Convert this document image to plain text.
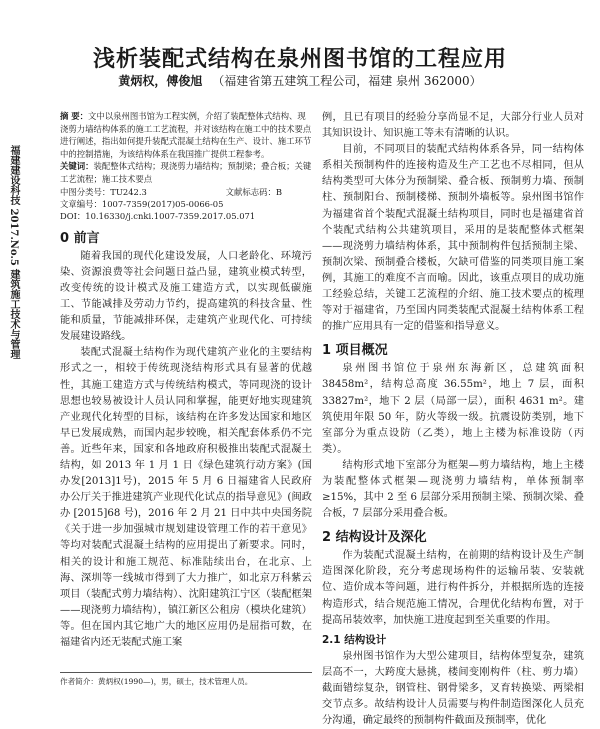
浅析装配式结构在泉州图书馆的工程应用
黄炳权，傅俊旭 （福建省第五建筑工程公司，福建 泉州 362000）
福建建设科技 2017.No.5 建筑施工技术与管理

摘 要：文中以泉州图书馆为工程实例，介绍了装配整体式结构、现浇剪力墙结构体系的施工工艺流程，并对该结构在施工中的技术要点进行阐述，指出如何提升装配式混凝土结构在生产、设计、施工环节中的控制措施，为该结构体系在我国推广提供工程参考。

关键词：装配整体式结构；现浇剪力墙结构；预制梁；叠合板；关键工艺流程；施工技术要点

中图分类号：TU242.3	文献标志码：B
文章编号：1007-7359(2017)05-0066-05
DOI：10.16330/j.cnki.1007-7359.2017.05.071
0 前言

随着我国的现代化建设发展，人口老龄化、环境污染、资源浪费等社会问题日益凸显，建筑业模式转型，改变传统的设计模式及施工建造方式，以实现低碳施工、节能减排及劳动力节约，提高建筑的科技含量、性能和质量，节能减排环保，走建筑产业现代化、可持续发展建设路线。

装配式混凝土结构作为现代建筑产业化的主要结构形式之一，相较于传统现浇结构形式具有显著的优越性，其施工建造方式与传统结构模式，等同现浇的设计思想也较易被设计人员认同和掌握，能更好地实现建筑产业现代化转型的目标，该结构在许多发达国家和地区早已发展成熟，而国内起步较晚，相关配套体系仍不完善。近些年来，国家和各地政府积极推出装配式混凝土结构，如 2013 年 1 月 1 日《绿色建筑行动方案》(国办发[2013]1号)，2015 年 5 月 6 日福建省人民政府办公厅关于推进建筑产业现代化试点的指导意见》(闽政办 [2015]68 号)，2016 年 2 月 21 日中共中央国务院《关于进一步加强城市规划建设管理工作的若干意见》等均对装配式混凝土结构的应用提出了新要求。同时，相关的设计和施工规范、标准陆续出台，在北京、上海、深圳等一线城市得到了大力推广，如北京万科紫云项目（装配式剪力墙结构）、沈阳建筑江宁区（装配框架——现浇剪力墙结构），镇江新区公租房（模块化建筑）等。但在国内其它地广大的地区应用仍是屈指可数，在福建省内还无装配式施工案

例，且已有项目的经验分享尚显不足，大部分行业人员对其知识设计、知识施工等未有清晰的认识。

目前，不同项目的装配式结构体系各异，同一结构体系相关预制构件的连接构造及生产工艺也不尽相同，但从结构类型可大体分为预制梁、叠合板、预制剪力墙、预制柱、预制阳台、预制楼梯、预制外墙板等。泉州图书馆作为福建省首个装配式混凝土结构项目，同时也是福建省首个装配式结构公共建筑项目，采用的是装配整体式框架——现浇剪力墙结构体系，其中预制构件包括预制主梁、预制次梁、预制叠合楼板，欠缺可借鉴的同类项目施工案例，其施工的难度不言而喻。因此，该重点项目的成功施工经验总结，关键工艺流程的介绍、施工技术要点的梳理等对于福建省，乃至国内同类装配式混凝土结构体系工程的推广应用具有一定的借鉴和指导意义。

1 项目概况

泉州图书馆位于泉州东海新区，总建筑面积 38458m²，结构总高度 36.55m²，地上 7 层，面积 33827m²，地下 2 层（局部一层），面积 4631 m²。建筑使用年限 50 年，防火等级一级。抗震设防类别，地下室部分为重点设防（乙类），地上主楼为标准设防（丙类）。

结构形式地下室部分为框架—剪力墙结构，地上主楼为装配整体式框架—现浇剪力墙结构，单体预制率≥15%，其中 2 至 6 层部分采用预制主梁、预制次梁、叠合板，7 层部分采用叠合板。

2 结构设计及深化

作为装配式混凝土结构，在前期的结构设计及生产制造图深化阶段，充分考虑现场构件的运输吊装、安装就位、造价成本等问题，进行构件拆分，并根据所选的连接构造形式，结合规范施工情况，合理优化结构布置，对于提高吊装效率，加快施工进度起到至关重要的作用。

2.1 结构设计

泉州图书馆作为大型公建项目，结构体型复杂，建筑层高不一，大跨度大悬挑，楼间变刚构件（柱、剪力墙）截面错综复杂，钢管柱、钢骨梁多，叉育转换梁、两梁相交节点多。故结构设计人员需要与构件制造图深化人员充分沟通，确定最终的预制构件截面及预制率，优化

作者简介：黄炳权(1990—)，男，硕士，技术管理人员。
